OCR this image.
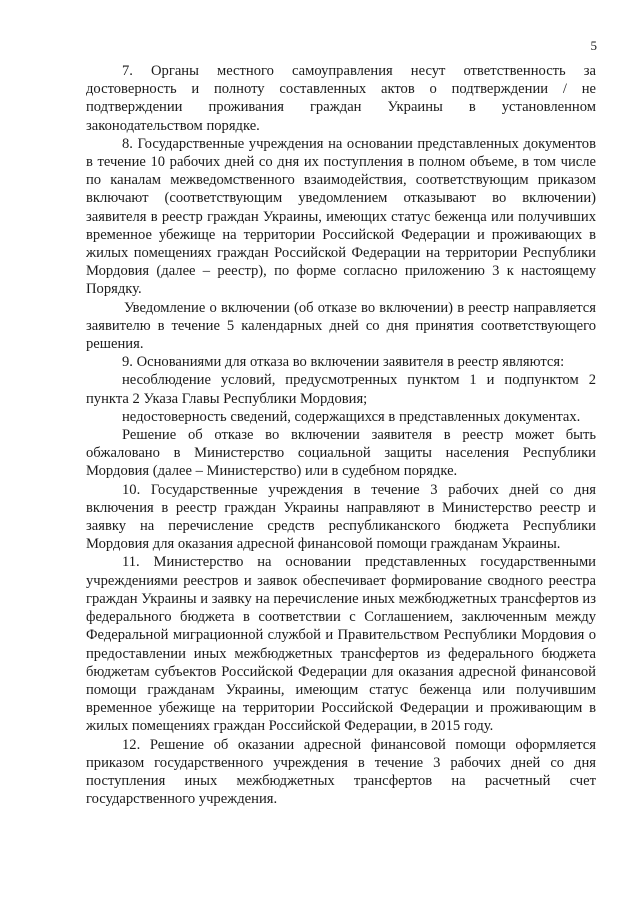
5

7. Органы местного самоуправления несут ответственность за достоверность и полноту составленных актов о подтверждении / не подтверждении проживания граждан Украины в установленном законодательством порядке.

8. Государственные учреждения на основании представленных документов в течение 10 рабочих дней со дня их поступления в полном объеме, в том числе по каналам межведомственного взаимодействия, соответствующим приказом включают (соответствующим уведомлением отказывают во включении) заявителя в реестр граждан Украины, имеющих статус беженца или получивших временное убежище на территории Российской Федерации и проживающих в жилых помещениях граждан Российской Федерации на территории Республики Мордовия (далее – реестр), по форме согласно приложению 3 к настоящему Порядку.

Уведомление о включении (об отказе во включении) в реестр направляется заявителю в течение 5 календарных дней со дня принятия соответствующего решения.

9. Основаниями для отказа во включении заявителя в реестр являются:

несоблюдение условий, предусмотренных пунктом 1 и подпунктом 2 пункта 2 Указа Главы Республики Мордовия;

недостоверность сведений, содержащихся в представленных документах.

Решение об отказе во включении заявителя в реестр может быть обжаловано в Министерство социальной защиты населения Республики Мордовия (далее – Министерство) или в судебном порядке.

10. Государственные учреждения в течение 3 рабочих дней со дня включения в реестр граждан Украины направляют в Министерство реестр и заявку на перечисление средств республиканского бюджета Республики Мордовия для оказания адресной финансовой помощи гражданам Украины.

11. Министерство на основании представленных государственными учреждениями реестров и заявок обеспечивает формирование сводного реестра граждан Украины и заявку на перечисление иных межбюджетных трансфертов из федерального бюджета в соответствии с Соглашением, заключенным между Федеральной миграционной службой и Правительством Республики Мордовия о предоставлении иных межбюджетных трансфертов из федерального бюджета бюджетам субъектов Российской Федерации для оказания адресной финансовой помощи гражданам Украины, имеющим статус беженца или получившим временное убежище на территории Российской Федерации и проживающим в жилых помещениях граждан Российской Федерации, в 2015 году.

12. Решение об оказании адресной финансовой помощи оформляется приказом государственного учреждения в течение 3 рабочих дней со дня поступления иных межбюджетных трансфертов на расчетный счет государственного учреждения.
